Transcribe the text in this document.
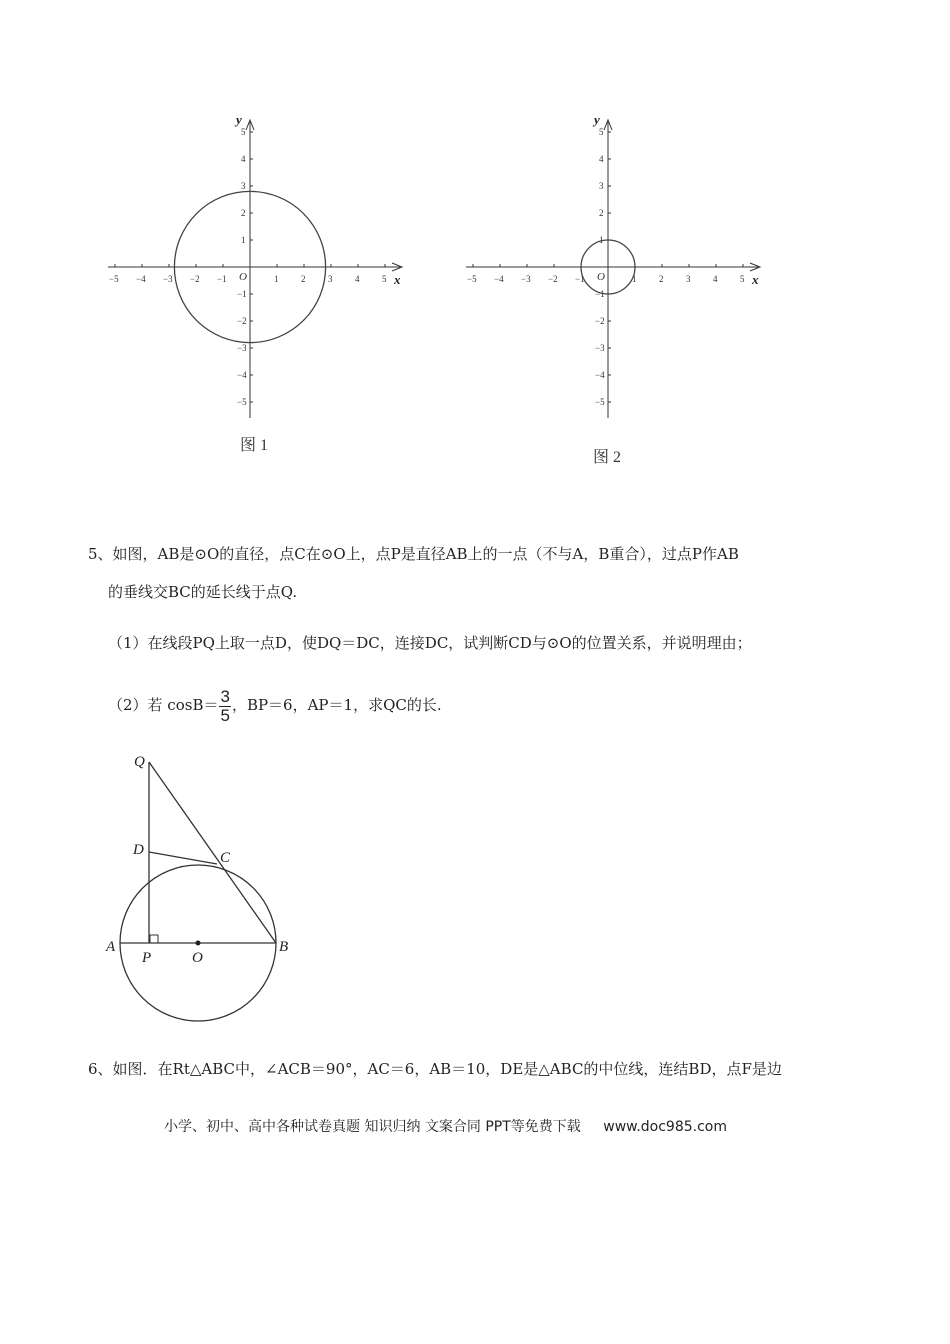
−5 −4 −3 −2 −1	1	2	3	4	5
5
4
3
2
1
−1
−2
−3
−4
−5
x
y
O
图 1
−5 −4 −3 −2 −1	1	2	3	4	5
5
4
3
2
1
−1
−2
−3
−4
−5
x
y
O
图 2
5、如图，AB是⊙O的直径，点C在⊙O上，点P是直径AB上的一点（不与A，B重合），过点P作AB
的垂线交BC的延长线于点Q.
（1）在线段PQ上取一点D，使DQ＝DC，连接DC，试判断CD与⊙O的位置关系，并说明理由；
（2）若 $\cos B= \frac{3}{5}$ ，BP＝6，AP＝1，求QC的长.
Q
D	C
A
P	O
B
6、如图．在Rt△ABC中，∠ACB＝90°，AC＝6，AB＝10，DE是△ABC的中位线，连结BD，点F是边
小学、初中、高中各种试卷真题 知识归纳 文案合同 PPT等免费下载 www.doc985.com
